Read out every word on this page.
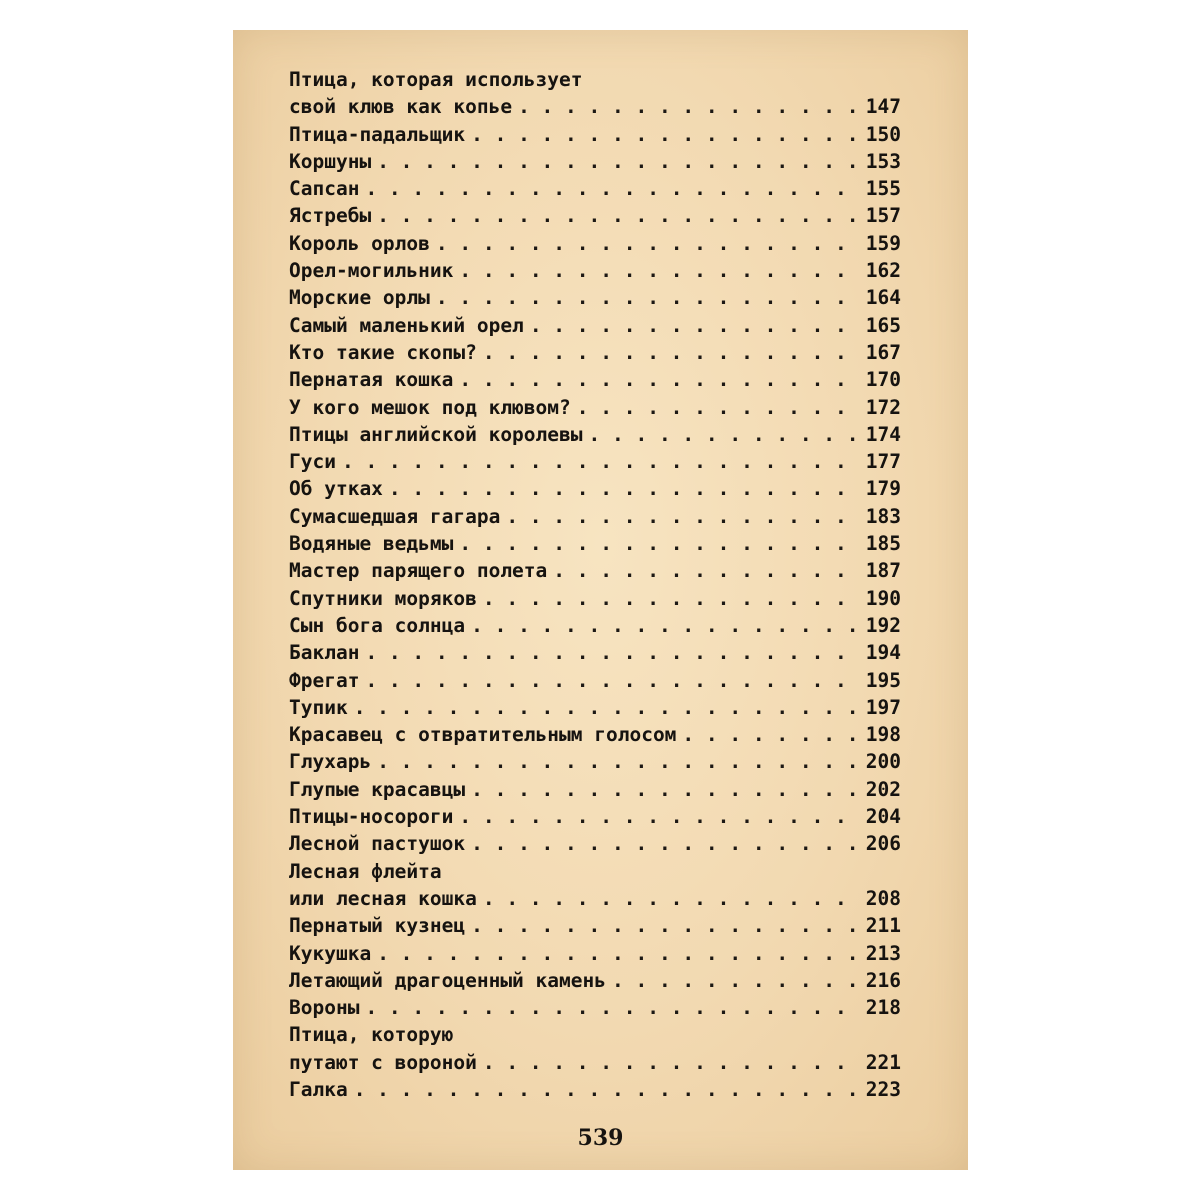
Птица, которая использует
свой клюв как копье . . .	147
Птица-падальщик . . .	150
Коршуны . . .	153
Сапсан . . .	155
Ястребы . . .	157
Король орлов . . .	159
Орел-могильник . . .	162
Морские орлы . . .	164
Самый маленький орел . . .	165
Кто такие скопы? . . .	167
Пернатая кошка . . .	170
У кого мешок под клювом? . . .	172
Птицы английской королевы . . .	174
Гуси . . .	177
Об утках . . .	179
Сумасшедшая гагара . . .	183
Водяные ведьмы . . .	185
Мастер парящего полета . . .	187
Спутники моряков . . .	190
Сын бога солнца . . .	192
Баклан . . .	194
Фрегат . . .	195
Тупик . . .	197
Красавец с отвратительным голосом . . .	198
Глухарь . . .	200
Глупые красавцы . . .	202
Птицы-носороги . . .	204
Лесной пастушок . . .	206
Лесная флейта
или лесная кошка . . .	208
Пернатый кузнец . . .	211
Кукушка . . .	213
Летающий драгоценный камень . . .	216
Вороны . . .	218
Птица, которую
путают с вороной . . .	221
Галка . . .	223
539
